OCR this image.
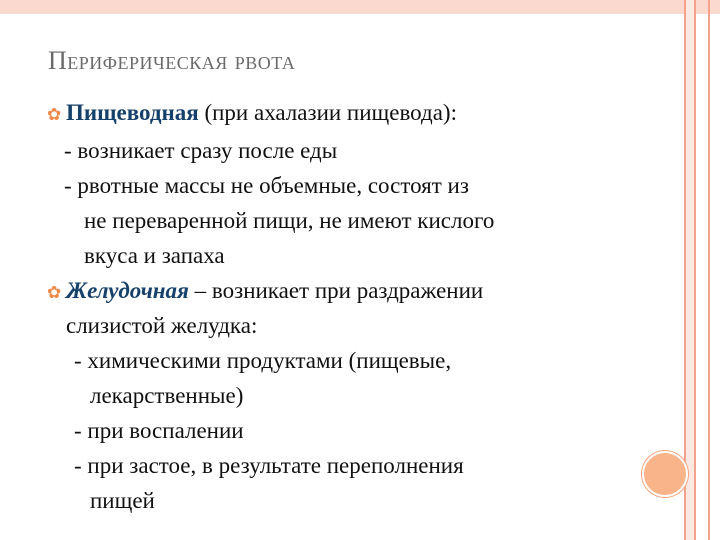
Периферическая рвота
✿ Пищеводная (при ахалазии пищевода):
- возникает сразу после еды
- рвотные массы не объемные, состоят из
не переваренной пищи, не имеют кислого
вкуса и запаха
✿ Желудочная – возникает при раздражении
слизистой желудка:
- химическими продуктами (пищевые,
лекарственные)
- при воспалении
- при застое, в результате переполнения
пищей
